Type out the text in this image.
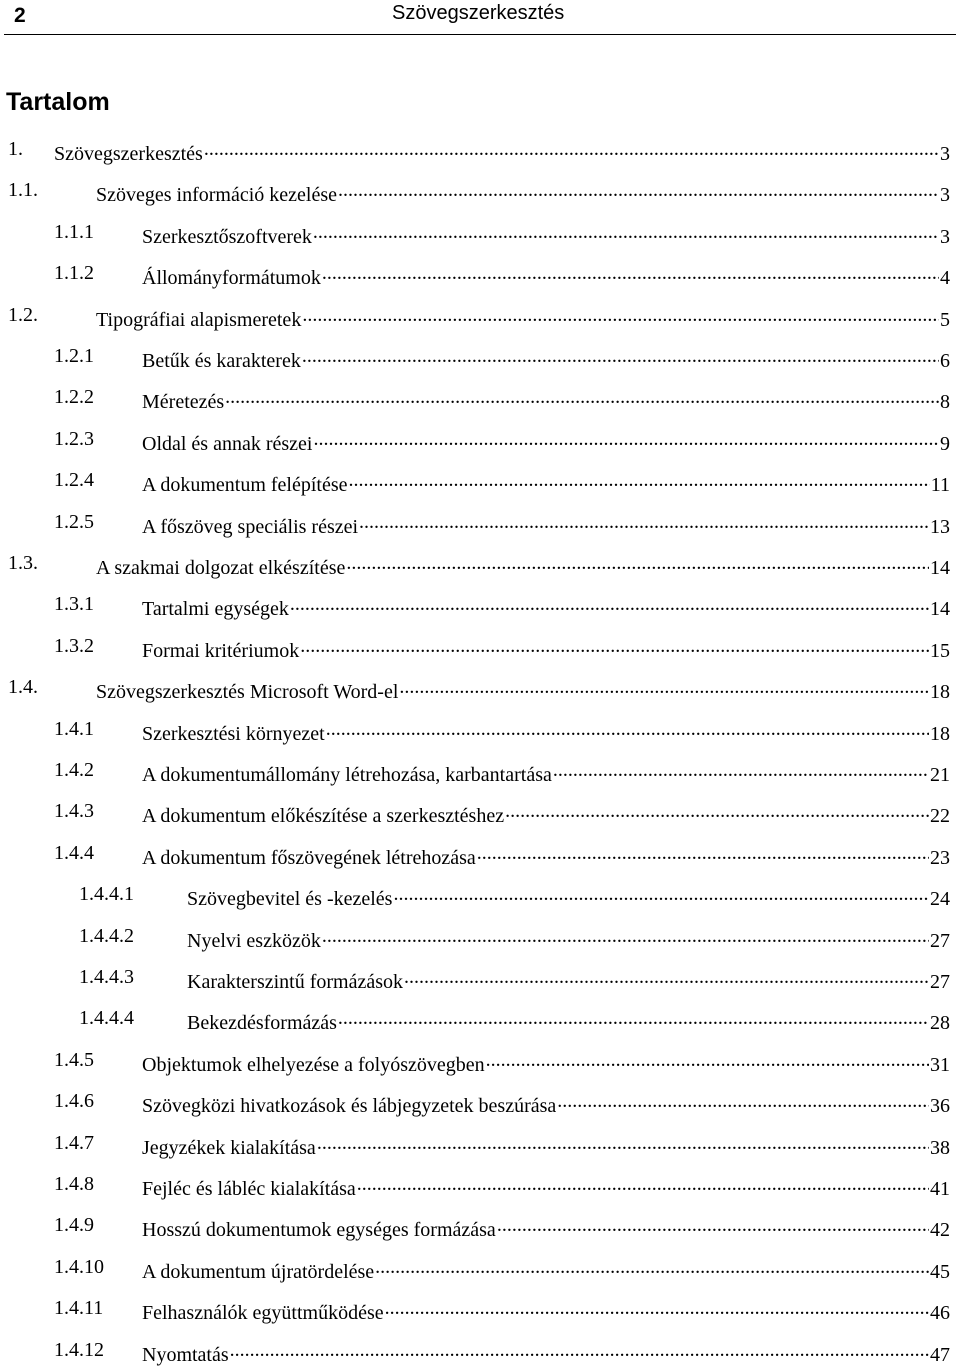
2	Szövegszerkesztés
Tartalom
1. Szövegszerkesztés .....	3
1.1.	Szöveges információ kezelése .....	3
1.1.1 Szerkesztőszoftverek .....	3
1.1.2 Állományformátumok .....	4
1.2.	Tipográfiai alapismeretek .....	5
1.2.1 Betűk és karakterek .....	6
1.2.2 Méretezés .....	8
1.2.3 Oldal és annak részei .....	9
1.2.4 A dokumentum felépítése .....	11
1.2.5 A főszöveg speciális részei .....	13
1.3.	A szakmai dolgozat elkészítése .....	14
1.3.1 Tartalmi egységek .....	14
1.3.2 Formai kritériumok .....	15
1.4.	Szövegszerkesztés Microsoft Word-el .....	18
1.4.1 Szerkesztési környezet .....	18
1.4.2 A dokumentumállomány létrehozása, karbantartása .....	21
1.4.3 A dokumentum előkészítése a szerkesztéshez .....	22
1.4.4 A dokumentum főszövegének létrehozása .....	23
1.4.4.1	Szövegbevitel és -kezelés .....	24
1.4.4.2	Nyelvi eszközök .....	27
1.4.4.3	Karakterszintű formázások .....	27
1.4.4.4	Bekezdésformázás .....	28
1.4.5 Objektumok elhelyezése a folyószövegben .....	31
1.4.6 Szövegközi hivatkozások és lábjegyzetek beszúrása .....	36
1.4.7 Jegyzékek kialakítása .....	38
1.4.8 Fejléc és lábléc kialakítása .....	41
1.4.9 Hosszú dokumentumok egységes formázása .....	42
1.4.10 A dokumentum újratördelése .....	45
1.4.11 Felhasználók együttműködése .....	46
1.4.12 Nyomtatás .....	47
